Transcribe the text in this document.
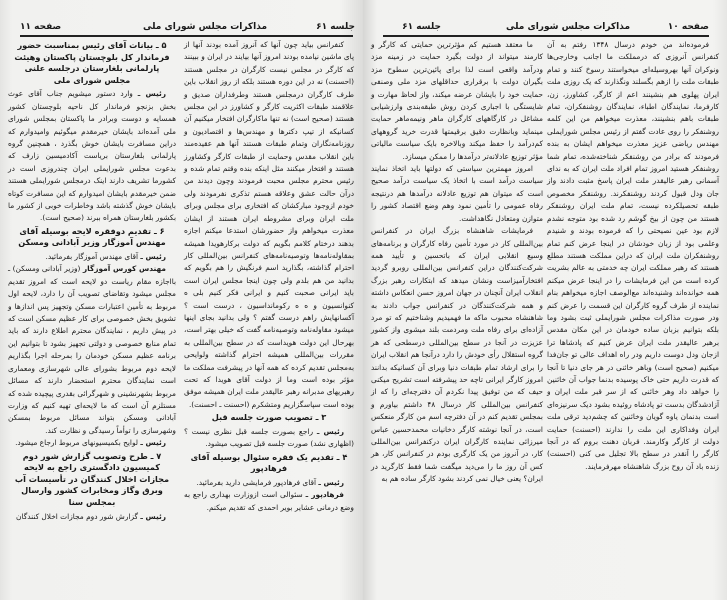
صفحه ۱۱	مذاکرات مجلس شورای ملی	جلسه ۶۱

کنفرانس بیاید چون آنها که آنروز آمده بودند آنها از پای ماشین نیامده بودند امروز آنها بیایند در ایران و ببینند که کارگر در مجلس نیست کارگران در مجلس هستند (احسنت) نه در این دوره هستند بلکه از روز انقلاب باین طرف کارگران درمجلس هستند وطرفداران صدیق و علاقمند طبقات اکثریت کارگر و کشاورز در این مجلس هستند (صحیح است) نه تنها ماکارگران افتخار میکنیم آن کسانیکه از تیپ دکترها و مهندس‌ها و اقتصادیون و روزنامه‌نگاران وتمام طبقات هستند آنها هم عقیده‌مند باین انقلاب مقدس وحمایت از طبقات کارگر وکشاورز هستند و افتخار میکنند مثل اینکه بنده وقتم تمام شده و رئیس محترم مجلس محبت فرمودند وچون دیدند من درآن حالت عشق وعلاقه هستم تذکری نفرمودند ولی خودم ازوجود مبارکشان که افتخاری برای مجلس وبرای ملت ایران وبرای مشروطه ایران هستند از ایشان معذرت میخواهم واز حضورشان استدعا میکنم اجازه بدهند درختام کلامم بگویم که دولت برکارهویدا همیشه بمقاوله‌نامه‌ها وتوصیه‌نامه‌های کنفرانس بین‌المللی کار احترام گذاشته، بگذارید اسم فرنگیش را هم بگویم که بدانید من هم بلدم ولی چون اینجا مجلس ایران است باید ایرانی صحبت کنیم و ایرانی فکر کنیم بلی ه کنوانسیون و ه ه رکومانداسیون ، درست است ؟ آکسانهایش راهم درست گفتم ؟ ولی بدانید بجای اینها میشود مقاوله‌نامه وتوصیه‌نامه گفت که خیلی بهتر است، بهرحال این دولت هویداست که در سطح بین‌المللی به مقررات بین‌المللی همیشه احترام گذاشته ولوایحی به‌مجلس تقدیم کرده که همه آنها در پیشرفت مملکت ما مؤثر بوده است وما از دولت آقای هویدا که تحت رهبریهای مدبرانه رهبر عالیقدر ملت ایران همیشه موفق بوده است سپاسگزاریم ومتشکرم (احسنت ـ احسنت).

۳ ـ تصویب صورت جلسه قبل

رئیس ـ راجع بصورت جلسه قبل نظری نیست ؟ (اظهاری نشد) صورت جلسه قبل تصویب میشود.

۴ ـ تقدیم یک فقره سئوال بوسیله آقای فرهادپور

رئیس ـ آقای فرهادپور فرمایشی دارید بفرمائید.

فرهادپور ـ سئوالی است ازوزارت بهداری راجع به وضع درمانی عشایر بویر احمدی که تقدیم میکنم.

۵ ـ بیانات آقای رئیس بمناسبت حضور فرماندار کل بلوچستان پاکستان وهیئت پارلمانی بلغارستان درجلسه علنی مجلس شورای ملی

رئیس ـ وارد دستور میشویم جناب آقای عوث بخش بزنجو فرماندار کل ناحیه بلوچستان کشور همسایه و دوست وبرادر ما پاکستان بمجلس شورای ملی آمده‌اند بایشان خیرمقدم میگوئیم وامیدوارم که دراین مسافرت بایشان خوش بگذرد ، همچنین گروه پارلمانی بلغارستان بریاست آکادمیسین زارف که بدعوت مجلس شورایملی ایران چندروزی است در کشورما تشریف دارند اینک درمجلس شورایملی هستند ضمن خیرمقدم بایشان امیدوارم که این مسافرت کوتاه بایشان خوش گذشته باشد وخاطرات خوبی از کشور ما بکشور بلغارستان همراه ببرند (صحیح است).

۶ ـ تقدیم دوفقره لایحه بوسیله آقای مهندس آموزگار وزیر آبادانی ومسکن

رئیس ـ آقای مهندس آموزگار بفرمائید.

مهندس کورس آموزگار (وزیر آبادانی ومسکن) ـ بااجازه مقام ریاست دو لایحه است که امروز تقدیم مجلس میشود وتقاضای تصویب آن را دارد، لایحه اول مربوط به تأمین اعتبارات مسکن وتجهیز پس اندازها و تشویق بخش خصوصی برای کار عظیم مسکن است که در پیش داریم ، نمایندگان محترم اطلاع دارند که باید تمام منابع خصوصی و دولتی تجهیز بشود تا بتوانیم این برنامه عظیم مسکن خودمان را بمرحله اجرا بگذاریم لایحه دوم مربوط بشورای عالی شهرسازی ومعماری است نمایندگان محترم استحضار دارند که مسائل مربوط بشهرنشینی و شهرگرائی بقدری پیچیده شده که مستلزم آن است که ما لایحه‌ای تهیه کنیم که وزارت آبادانی ومسکن بتواند مسائل مربوط بمسکن وشهرسازی را توأماً رسیدگی و نظارت کند.

رئیس ـ لوایح بکمیسیونهای مربوط ارجاع میشود.

۷ ـ طرح وتصویب گزارش شور دوم کمیسیون دادگستری راجع به لایحه مجازات اخلال کنندگان در تأسیسات آب وبرق وگاز ومخابرات کشور وارسال بمجلس سنا

رئیس ـ گزارش شور دوم مجازات اخلال کنندگان

صفحه ۱۰
مذاکرات مجلس شورای ملی
جلسه ۶۱

فرموده‌اند من خودم درسال ۱۳۴۸ رفتم به آن کنفرانس آنروزی که درمملکت ما اجانب وخارجی‌ها ونوکران آنها بهروسیله‌ای میخواستند رسوخ کنند و تمام طبقات ملت را ازهم بگسلند ونگذارند که یک روزی ملت ایران پهلوی هم بنشینند اعم از کارگر، کشاورز، زن، کارفرما، نمایندگان اطباء، نمایندگان روشنفکران، تمام طبقات باهم بنشینند، معذرت میخواهم من این کلمه روشنفکر را روی عادت گفتم از رئیس مجلس شورایملی مهندس ریاضی عزیز معذرت میخواهم ایشان به بنده فرمودند که برادر من روشنفکر شناخته‌شده، تمام شما روشنفکر هستید امروز تمام افراد ملت ایران که به ندای آسمانی رهبر عالیقدر ملت ایران پاسخ مثبت دادند واز جان ودل قبول کردند روشنفکرند. روشنفکر مخصوص طبقه تحصیلکرده نیست، تمام ملت ایران روشنفکر هستند من چون از بیخ گوشم رد شده بود متوجه نشدم لازم بود عین نصیحتی را که فرموده بودند و شنیدم وعلمی بود از زبان خودشان در اینجا عرض کنم تمام روشنفکران ملت ایران که دراین مملکت هستند مطلع هستند که رهبر مملکت ایران چه خدمتی به عالم بشریت کرده است من این فرمایشات را در اینجا عرض میکنم همه خوانده‌اند وشنیده‌اند مع‌الوصف اجازه میخواهم بنام نماینده از طرف گروه کارگران این قسمت را عرض کنم ودر صورت مذاکرات مجلس شورایملی ثبت بشود وما بلکه بتوانیم بزبان ساده خودمان در این مکان مقدس برهبر عالیقدر ملت ایران عرض کنیم که پادشاها ترا ازجان ودل دوست داریم ودر راه اهداف عالی تو جان‌فدا میکنیم (صحیح است) وباهر خائنی در هر جای دنیا تا آنجا که قدرت داریم حتی خاک پوسیده بدنما جواب آن خائنین را خواهد داد وهر خائنی که از سر قبر ملت ایران و آزادشدگان بدست تو پادشاه روئیده بشود دیک سرنیزه‌ای است بدنمان یاوه گویان وخائنین که چشم‌دید ترقی ملت ایران وفداکاری این ملت را ندارند (احسنت) حمایت دولت از کارگر وکارمند. قربان دهنت بروم که در آنجا کارگر را آنقدر در سطح بالا تجلیل می کنی (احسنت) زنده باد آن روح بزرگ شاهنشاه مهرفرمایند.

ما معتقد هستیم کم مؤثرترین حمایتی که کارگر و کارمند میتواند از دولت بگیرد حمایت در زمینه مزد ودرآمد واقعی است لذا برای پائین‌ترین سطوح مزد بگیران دولت با برقراری حداقلهای مزد ملی وصنفی حمایت خود را بایشان عرضه میکند، واز لحاظ مهارت و شایستگی با اجباری کردن روش طبقه‌بندی وارزشیابی مشاغل در کارگاههای کارگران ماهر ونیمه‌ماهر حمایت مینماید وبانظارت دقیق برقیمتها قدرت خرید گروههای کم‌درآمد را حفظ میکند وبالاخره بایک سیاست مالیاتی مؤثر توزیع عادلانه‌تر درآمدها را ممکن میسازد.

امروز مهمترین سیاستی که دولتها باید اتخاذ نمایند سیاست درآمد است با اتخاذ یک سیاست درآمد صحیح است که میتوان هم توزیع عادلانه درآمدها هم درنتیجه رفاه عمومی را تأمین نمود وهم وضع اقتصاد کشور را متوازن ومتعادل نگاهداشت.

فرمایشات شاهنشاه بزرگ ایران در کنفرانس بین‌المللی کار در مورد تأمین رفاه کارگران و برنامه‌های وسیع انقلابی ایران که باتحسین و تأیید همه شرکت‌کنندگان دراین کنفرانس بین‌المللی روبرو گردید افتخارآمیزاست ونشان میدهد که ابتکارات رهبر بزرگ انقلاب ایران آنچنان در جهان امروز حسن انعکاس داشته و همه شرکت‌کنندگان در کنفرانس جواب دادند به شاهنشاه محبوب ماکه ما فهمیدیم وشناختیم که تو مرد آزاده‌ای برای رفاه ملت ومردمت بلند میشوی واز کشور عزیزت در آنجا در سطح بین‌المللی درسطحی که هر گروه استقلال رأی خودش را دارد درآنجا هم انقلاب ایران را برای ارشاد تمام طبقات دنیا وبرای آن کسانیکه بدانند امروز کارگر ایرانی تاچه حد پیشرفته است تشریح میکنی حیف که من توفیق پیدا نکردم آن دفترچه‌ای را که از کنفرانس بین‌المللی کار درسال ۴۸ داشتم بیاورم و بمجلس تقدیم کنم در آن دفترچه اسم من کارگر منعکس است، در آنجا نوشته کارگر دخانیات محمدحسین عباس میرزائی نماینده کارگران ایران درکنفرانس بین‌المللی کار، در آنروز من یک کارگری بودم در کنفرانس کار، هر کس آن روز ما را می‌دید میگفت شما فقط کارگرید در ایران؟ یعنی خیال نمی کردند بشود کارگر ساده هم به
